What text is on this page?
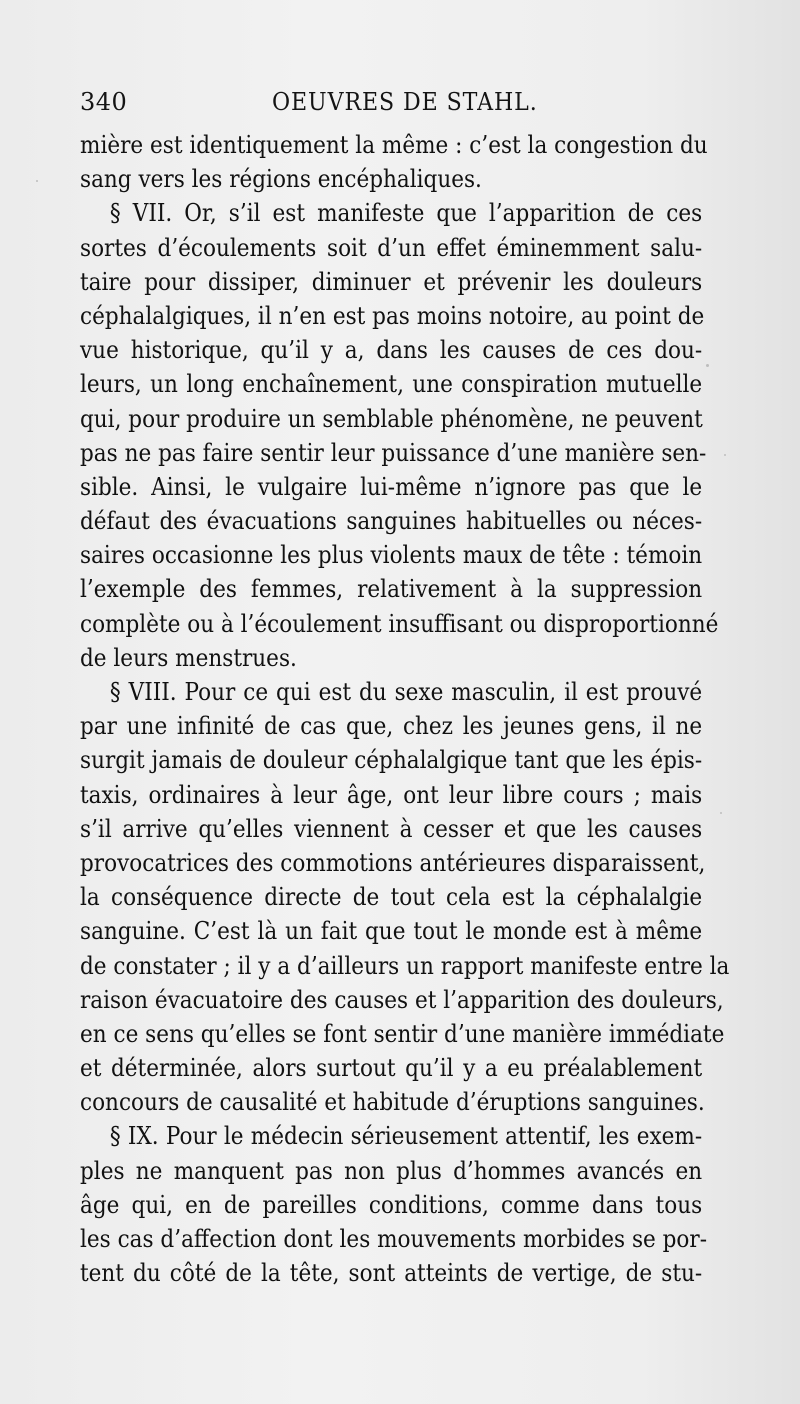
340	OEUVRES DE STAHL.
mière est identiquement la même : c’est la congestion du
sang vers les régions encéphaliques.
§ VII. Or, s’il est manifeste que l’apparition de ces
sortes d’écoulements soit d’un effet éminemment salu-
taire pour dissiper, diminuer et prévenir les douleurs
céphalalgiques, il n’en est pas moins notoire, au point de
vue historique, qu’il y a, dans les causes de ces dou-
leurs, un long enchaînement, une conspiration mutuelle
qui, pour produire un semblable phénomène, ne peuvent
pas ne pas faire sentir leur puissance d’une manière sen-
sible. Ainsi, le vulgaire lui-même n’ignore pas que le
défaut des évacuations sanguines habituelles ou néces-
saires occasionne les plus violents maux de tête : témoin
l’exemple des femmes, relativement à la suppression
complète ou à l’écoulement insuffisant ou disproportionné
de leurs menstrues.
§ VIII. Pour ce qui est du sexe masculin, il est prouvé
par une infinité de cas que, chez les jeunes gens, il ne
surgit jamais de douleur céphalalgique tant que les épis-
taxis, ordinaires à leur âge, ont leur libre cours ; mais
s’il arrive qu’elles viennent à cesser et que les causes
provocatrices des commotions antérieures disparaissent,
la conséquence directe de tout cela est la céphalalgie
sanguine. C’est là un fait que tout le monde est à même
de constater ; il y a d’ailleurs un rapport manifeste entre la
raison évacuatoire des causes et l’apparition des douleurs,
en ce sens qu’elles se font sentir d’une manière immédiate
et déterminée, alors surtout qu’il y a eu préalablement
concours de causalité et habitude d’éruptions sanguines.
§ IX. Pour le médecin sérieusement attentif, les exem-
ples ne manquent pas non plus d’hommes avancés en
âge qui, en de pareilles conditions, comme dans tous
les cas d’affection dont les mouvements morbides se por-
tent du côté de la tête, sont atteints de vertige, de stu-
